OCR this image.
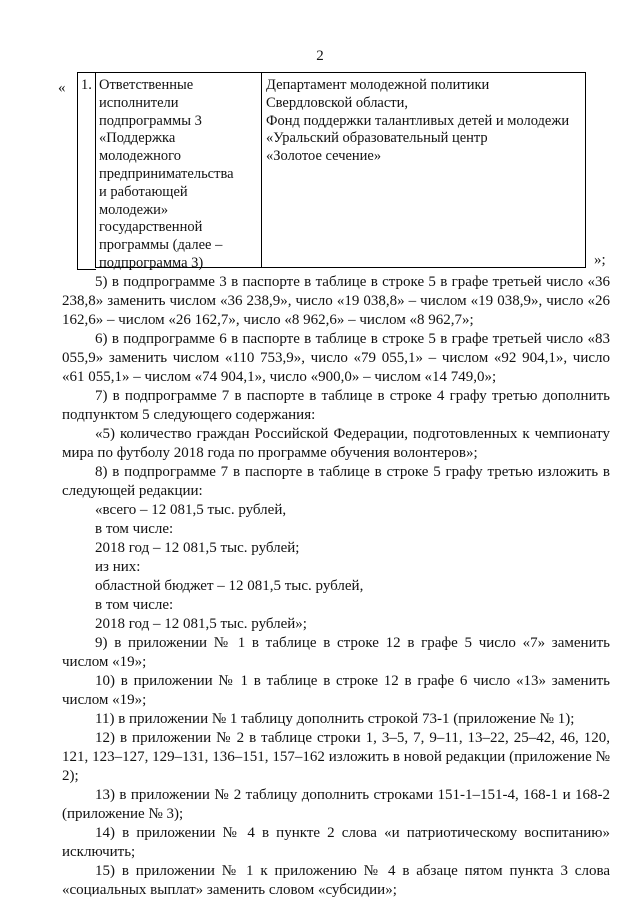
2
« 1. Ответственные
исполнители
подпрограммы 3
«Поддержка
молодежного
предпринимательства
и работающей
молодежи»
государственной
программы (далее –
подпрограмма 3)
Департамент молодежной политики
Свердловской области,
Фонд поддержки талантливых детей и молодежи
«Уральский образовательный центр
«Золотое сечение»
»;

5) в подпрограмме 3 в паспорте в таблице в строке 5 в графе третьей число «36 238,8» заменить числом «36 238,9», число «19 038,8» – числом «19 038,9», число «26 162,6» – числом «26 162,7», число «8 962,6» – числом «8 962,7»;

6) в подпрограмме 6 в паспорте в таблице в строке 5 в графе третьей число «83 055,9» заменить числом «110 753,9», число «79 055,1» – числом «92 904,1», число «61 055,1» – числом «74 904,1», число «900,0» – числом «14 749,0»;

7) в подпрограмме 7 в паспорте в таблице в строке 4 графу третью дополнить подпунктом 5 следующего содержания:

«5) количество граждан Российской Федерации, подготовленных к чемпионату мира по футболу 2018 года по программе обучения волонтеров»;

8) в подпрограмме 7 в паспорте в таблице в строке 5 графу третью изложить в следующей редакции:

«всего – 12 081,5 тыс. рублей,

в том числе:

2018 год – 12 081,5 тыс. рублей;

из них:

областной бюджет – 12 081,5 тыс. рублей,

в том числе:

2018 год – 12 081,5 тыс. рублей»;

9) в приложении № 1 в таблице в строке 12 в графе 5 число «7» заменить числом «19»;

10) в приложении № 1 в таблице в строке 12 в графе 6 число «13» заменить числом «19»;

11) в приложении № 1 таблицу дополнить строкой 73-1 (приложение № 1);

12) в приложении № 2 в таблице строки 1, 3–5, 7, 9–11, 13–22, 25–42, 46, 120, 121, 123–127, 129–131, 136–151, 157–162 изложить в новой редакции (приложение № 2);

13) в приложении № 2 таблицу дополнить строками 151-1–151-4, 168-1 и 168-2 (приложение № 3);

14) в приложении № 4 в пункте 2 слова «и патриотическому воспитанию» исключить;

15) в приложении № 1 к приложению № 4 в абзаце пятом пункта 3 слова «социальных выплат» заменить словом «субсидии»;
